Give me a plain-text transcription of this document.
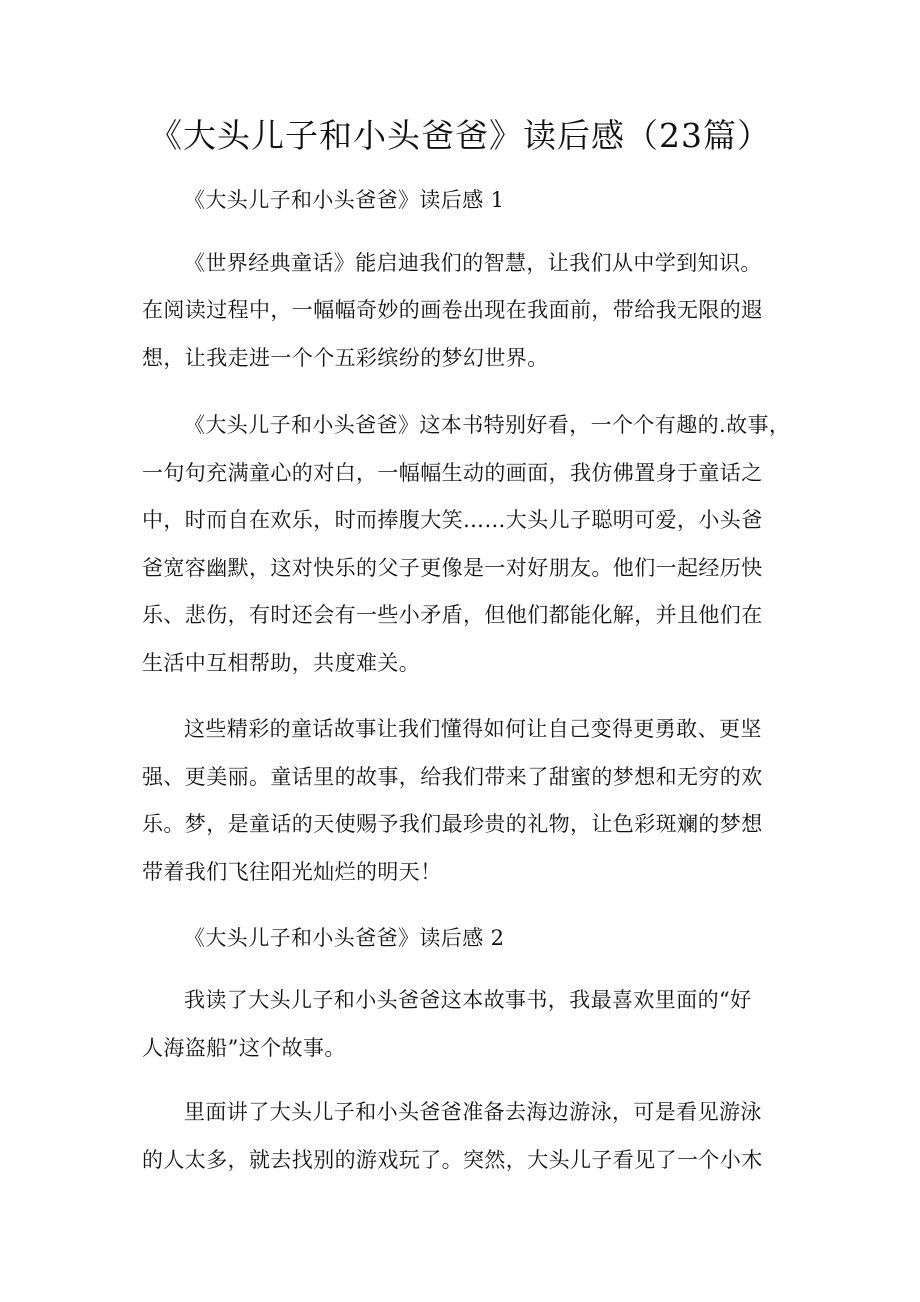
《大头儿子和小头爸爸》读后感（23篇）
《大头儿子和小头爸爸》读后感 1
《世界经典童话》能启迪我们的智慧，让我们从中学到知识。
在阅读过程中，一幅幅奇妙的画卷出现在我面前，带给我无限的遐
想，让我走进一个个五彩缤纷的梦幻世界。
《大头儿子和小头爸爸》这本书特别好看，一个个有趣的.故事，
一句句充满童心的对白，一幅幅生动的画面，我仿佛置身于童话之
中，时而自在欢乐，时而捧腹大笑……大头儿子聪明可爱，小头爸
爸宽容幽默，这对快乐的父子更像是一对好朋友。他们一起经历快
乐、悲伤，有时还会有一些小矛盾，但他们都能化解，并且他们在
生活中互相帮助，共度难关。
这些精彩的童话故事让我们懂得如何让自己变得更勇敢、更坚
强、更美丽。童话里的故事，给我们带来了甜蜜的梦想和无穷的欢
乐。梦，是童话的天使赐予我们最珍贵的礼物，让色彩斑斓的梦想
带着我们飞往阳光灿烂的明天！
《大头儿子和小头爸爸》读后感 2
我读了大头儿子和小头爸爸这本故事书，我最喜欢里面的“好
人海盗船”这个故事。
里面讲了大头儿子和小头爸爸准备去海边游泳，可是看见游泳
的人太多，就去找别的游戏玩了。突然，大头儿子看见了一个小木
